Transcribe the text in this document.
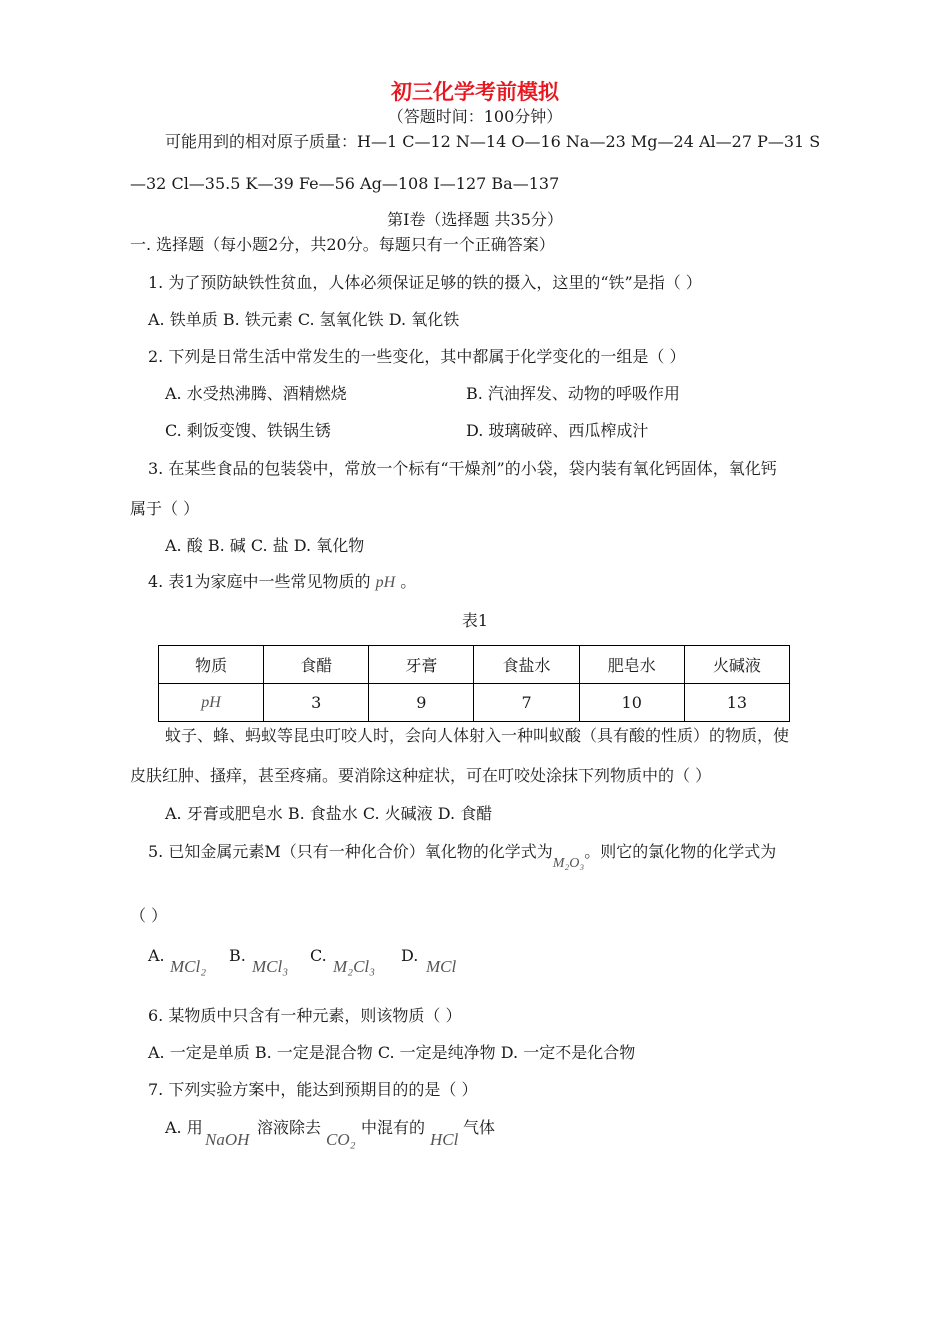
初三化学考前模拟
（答题时间：100分钟）
可能用到的相对原子质量：H—1 C—12 N—14 O—16 Na—23 Mg—24 Al—27 P—31 S
—32 Cl—35.5 K—39 Fe—56 Ag—108 I—127 Ba—137
第Ⅰ卷（选择题 共35分）
一. 选择题（每小题2分，共20分。每题只有一个正确答案）
1. 为了预防缺铁性贫血，人体必须保证足够的铁的摄入，这里的“铁”是指（ ）
A. 铁单质 B. 铁元素 C. 氢氧化铁 D. 氧化铁
2. 下列是日常生活中常发生的一些变化，其中都属于化学变化的一组是（ ）
A. 水受热沸腾、酒精燃烧	B. 汽油挥发、动物的呼吸作用
C. 剩饭变馊、铁锅生锈	D. 玻璃破碎、西瓜榨成汁
3. 在某些食品的包装袋中，常放一个标有“干燥剂”的小袋，袋内装有氧化钙固体，氧化钙
属于（ ）
A. 酸 B. 碱 C. 盐 D. 氧化物
4. 表1为家庭中一些常见物质的 pH 。
表1
物质	食醋	牙膏	食盐水	肥皂水	火碱液
pH	3	9	7	10	13
蚊子、蜂、蚂蚁等昆虫叮咬人时，会向人体射入一种叫蚁酸（具有酸的性质）的物质，使
皮肤红肿、搔痒，甚至疼痛。要消除这种症状，可在叮咬处涂抹下列物质中的（ ）
A. 牙膏或肥皂水 B. 食盐水 C. 火碱液 D. 食醋
5. 已知金属元素M（只有一种化合价）氧化物的化学式为M₂O₃。则它的氯化物的化学式为
（ ）
A.
MCl₂
B.
MCl₃
C.
M₂Cl₃
D.
MCl
6. 某物质中只含有一种元素，则该物质（ ）
A. 一定是单质 B. 一定是混合物 C. 一定是纯净物 D. 一定不是化合物
7. 下列实验方案中，能达到预期目的的是（ ）
A. 用
NaOH
溶液除去
CO₂
中混有的
HCl
气体
